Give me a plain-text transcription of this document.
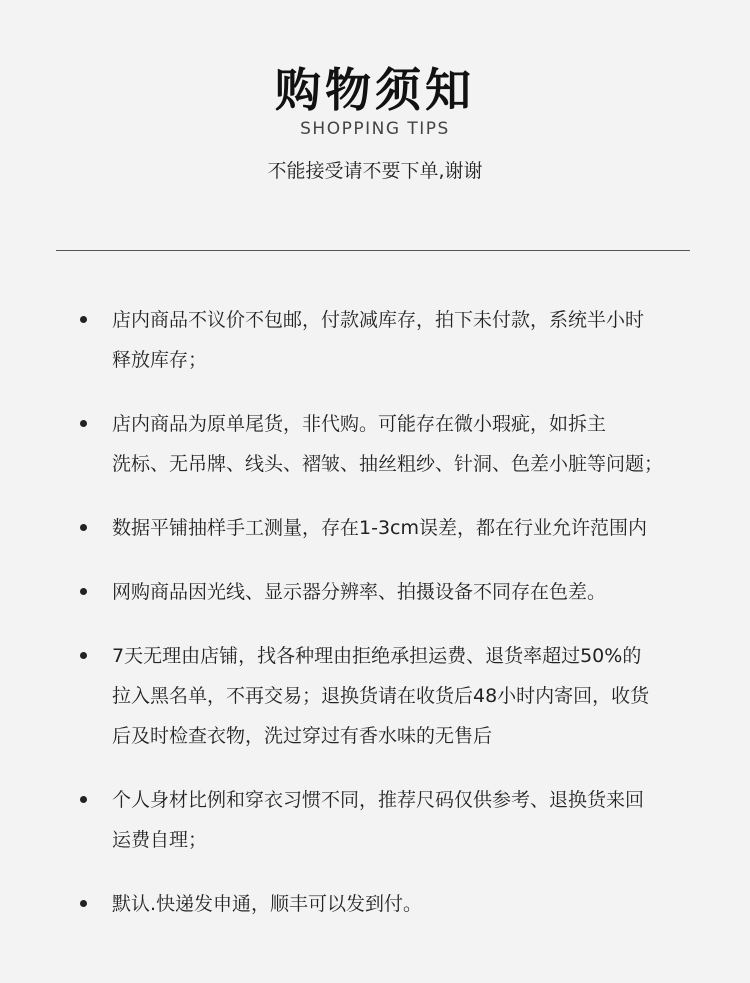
购物须知
SHOPPING TIPS
不能接受请不要下单,谢谢
店内商品不议价不包邮，付款减库存，拍下未付款，系统半小时
释放库存；
店内商品为原单尾货，非代购。可能存在微小瑕疵，如拆主
洗标、无吊牌、线头、褶皱、抽丝粗纱、针洞、色差小脏等问题；
数据平铺抽样手工测量，存在1-3cm误差，都在行业允许范围内
网购商品因光线、显示器分辨率、拍摄设备不同存在色差。
7天无理由店铺，找各种理由拒绝承担运费、退货率超过50%的
拉入黑名单，不再交易；退换货请在收货后48小时内寄回，收货
后及时检查衣物，洗过穿过有香水味的无售后
个人身材比例和穿衣习惯不同，推荐尺码仅供参考、退换货来回
运费自理；
默认.快递发申通，顺丰可以发到付。
